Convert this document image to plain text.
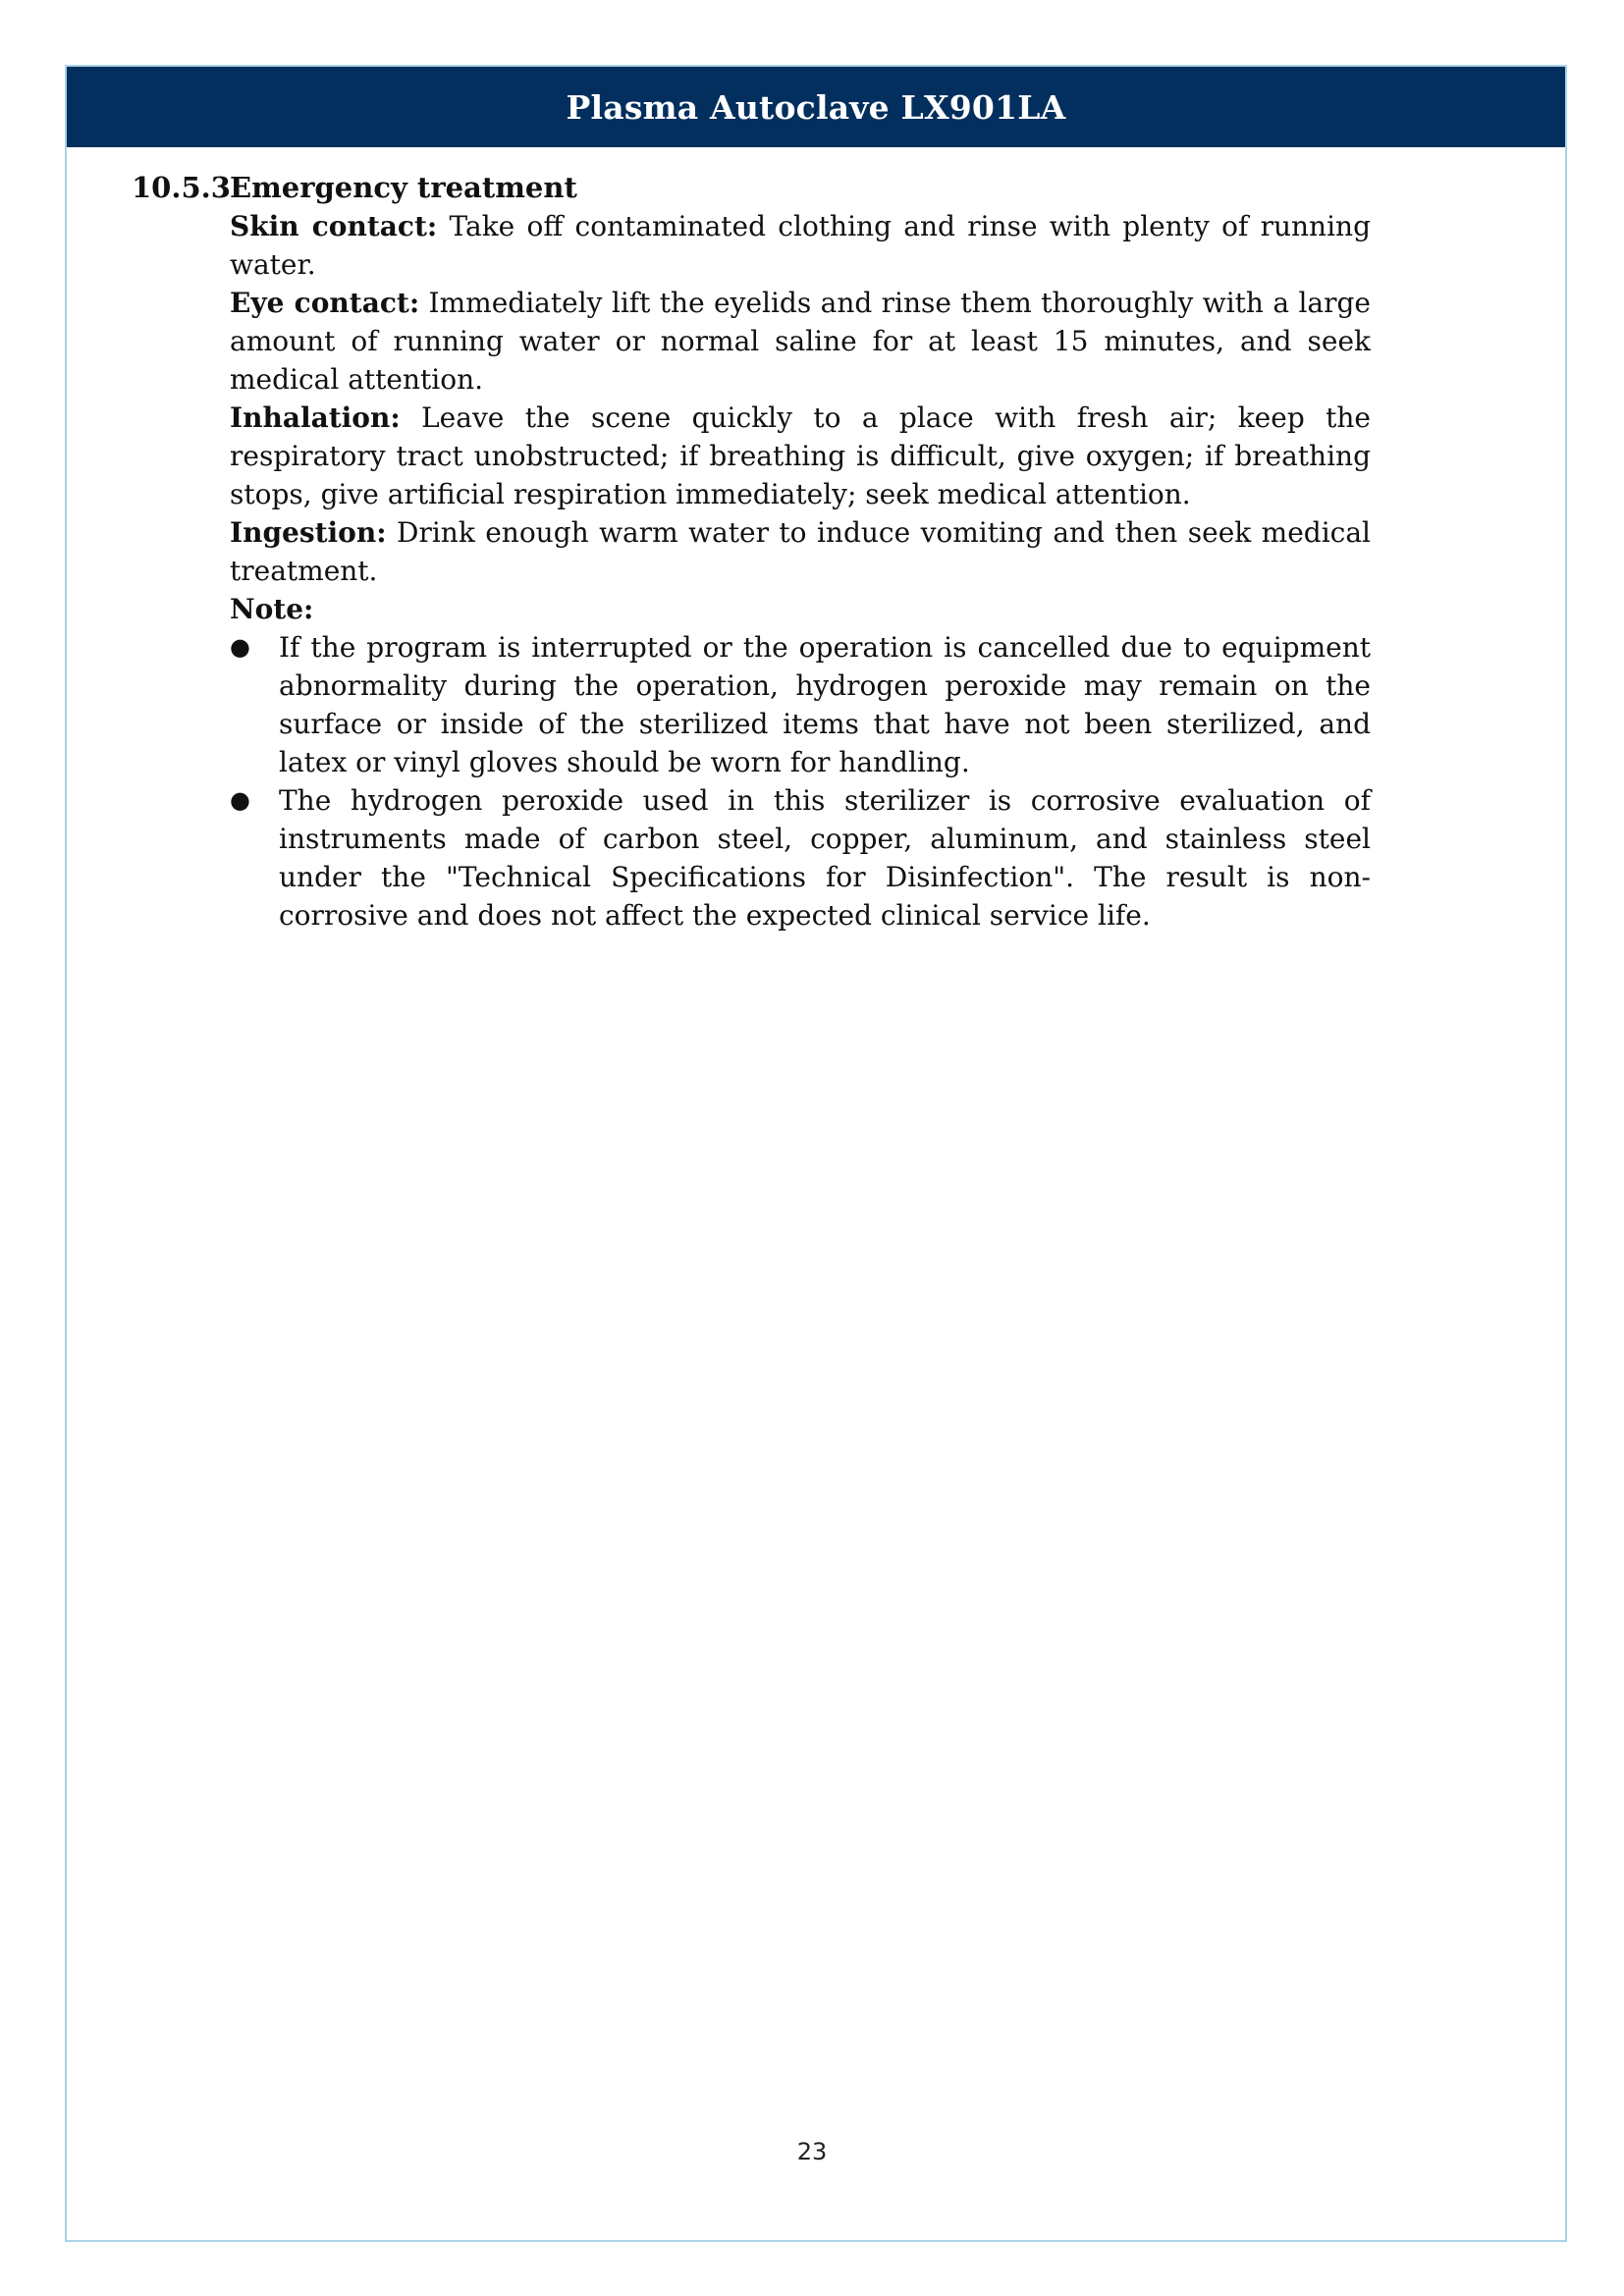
Plasma Autoclave LX901LA
10.5.3Emergency treatment

Skin contact: Take off contaminated clothing and rinse with plenty of running water.

Eye contact: Immediately lift the eyelids and rinse them thoroughly with a large amount of running water or normal saline for at least 15 minutes, and seek medical attention.

Inhalation: Leave the scene quickly to a place with fresh air; keep the respiratory tract unobstructed; if breathing is difficult, give oxygen; if breathing stops, give artificial respiration immediately; seek medical attention.

Ingestion: Drink enough warm water to induce vomiting and then seek medical treatment.

Note:

●	If the program is interrupted or the operation is cancelled due to equipment abnormality during the operation, hydrogen peroxide may remain on the surface or inside of the sterilized items that have not been sterilized, and latex or vinyl gloves should be worn for handling.
●	The hydrogen peroxide used in this sterilizer is corrosive evaluation of instruments made of carbon steel, copper, aluminum, and stainless steel under the "Technical Specifications for Disinfection". The result is non-corrosive and does not affect the expected clinical service life.
23
